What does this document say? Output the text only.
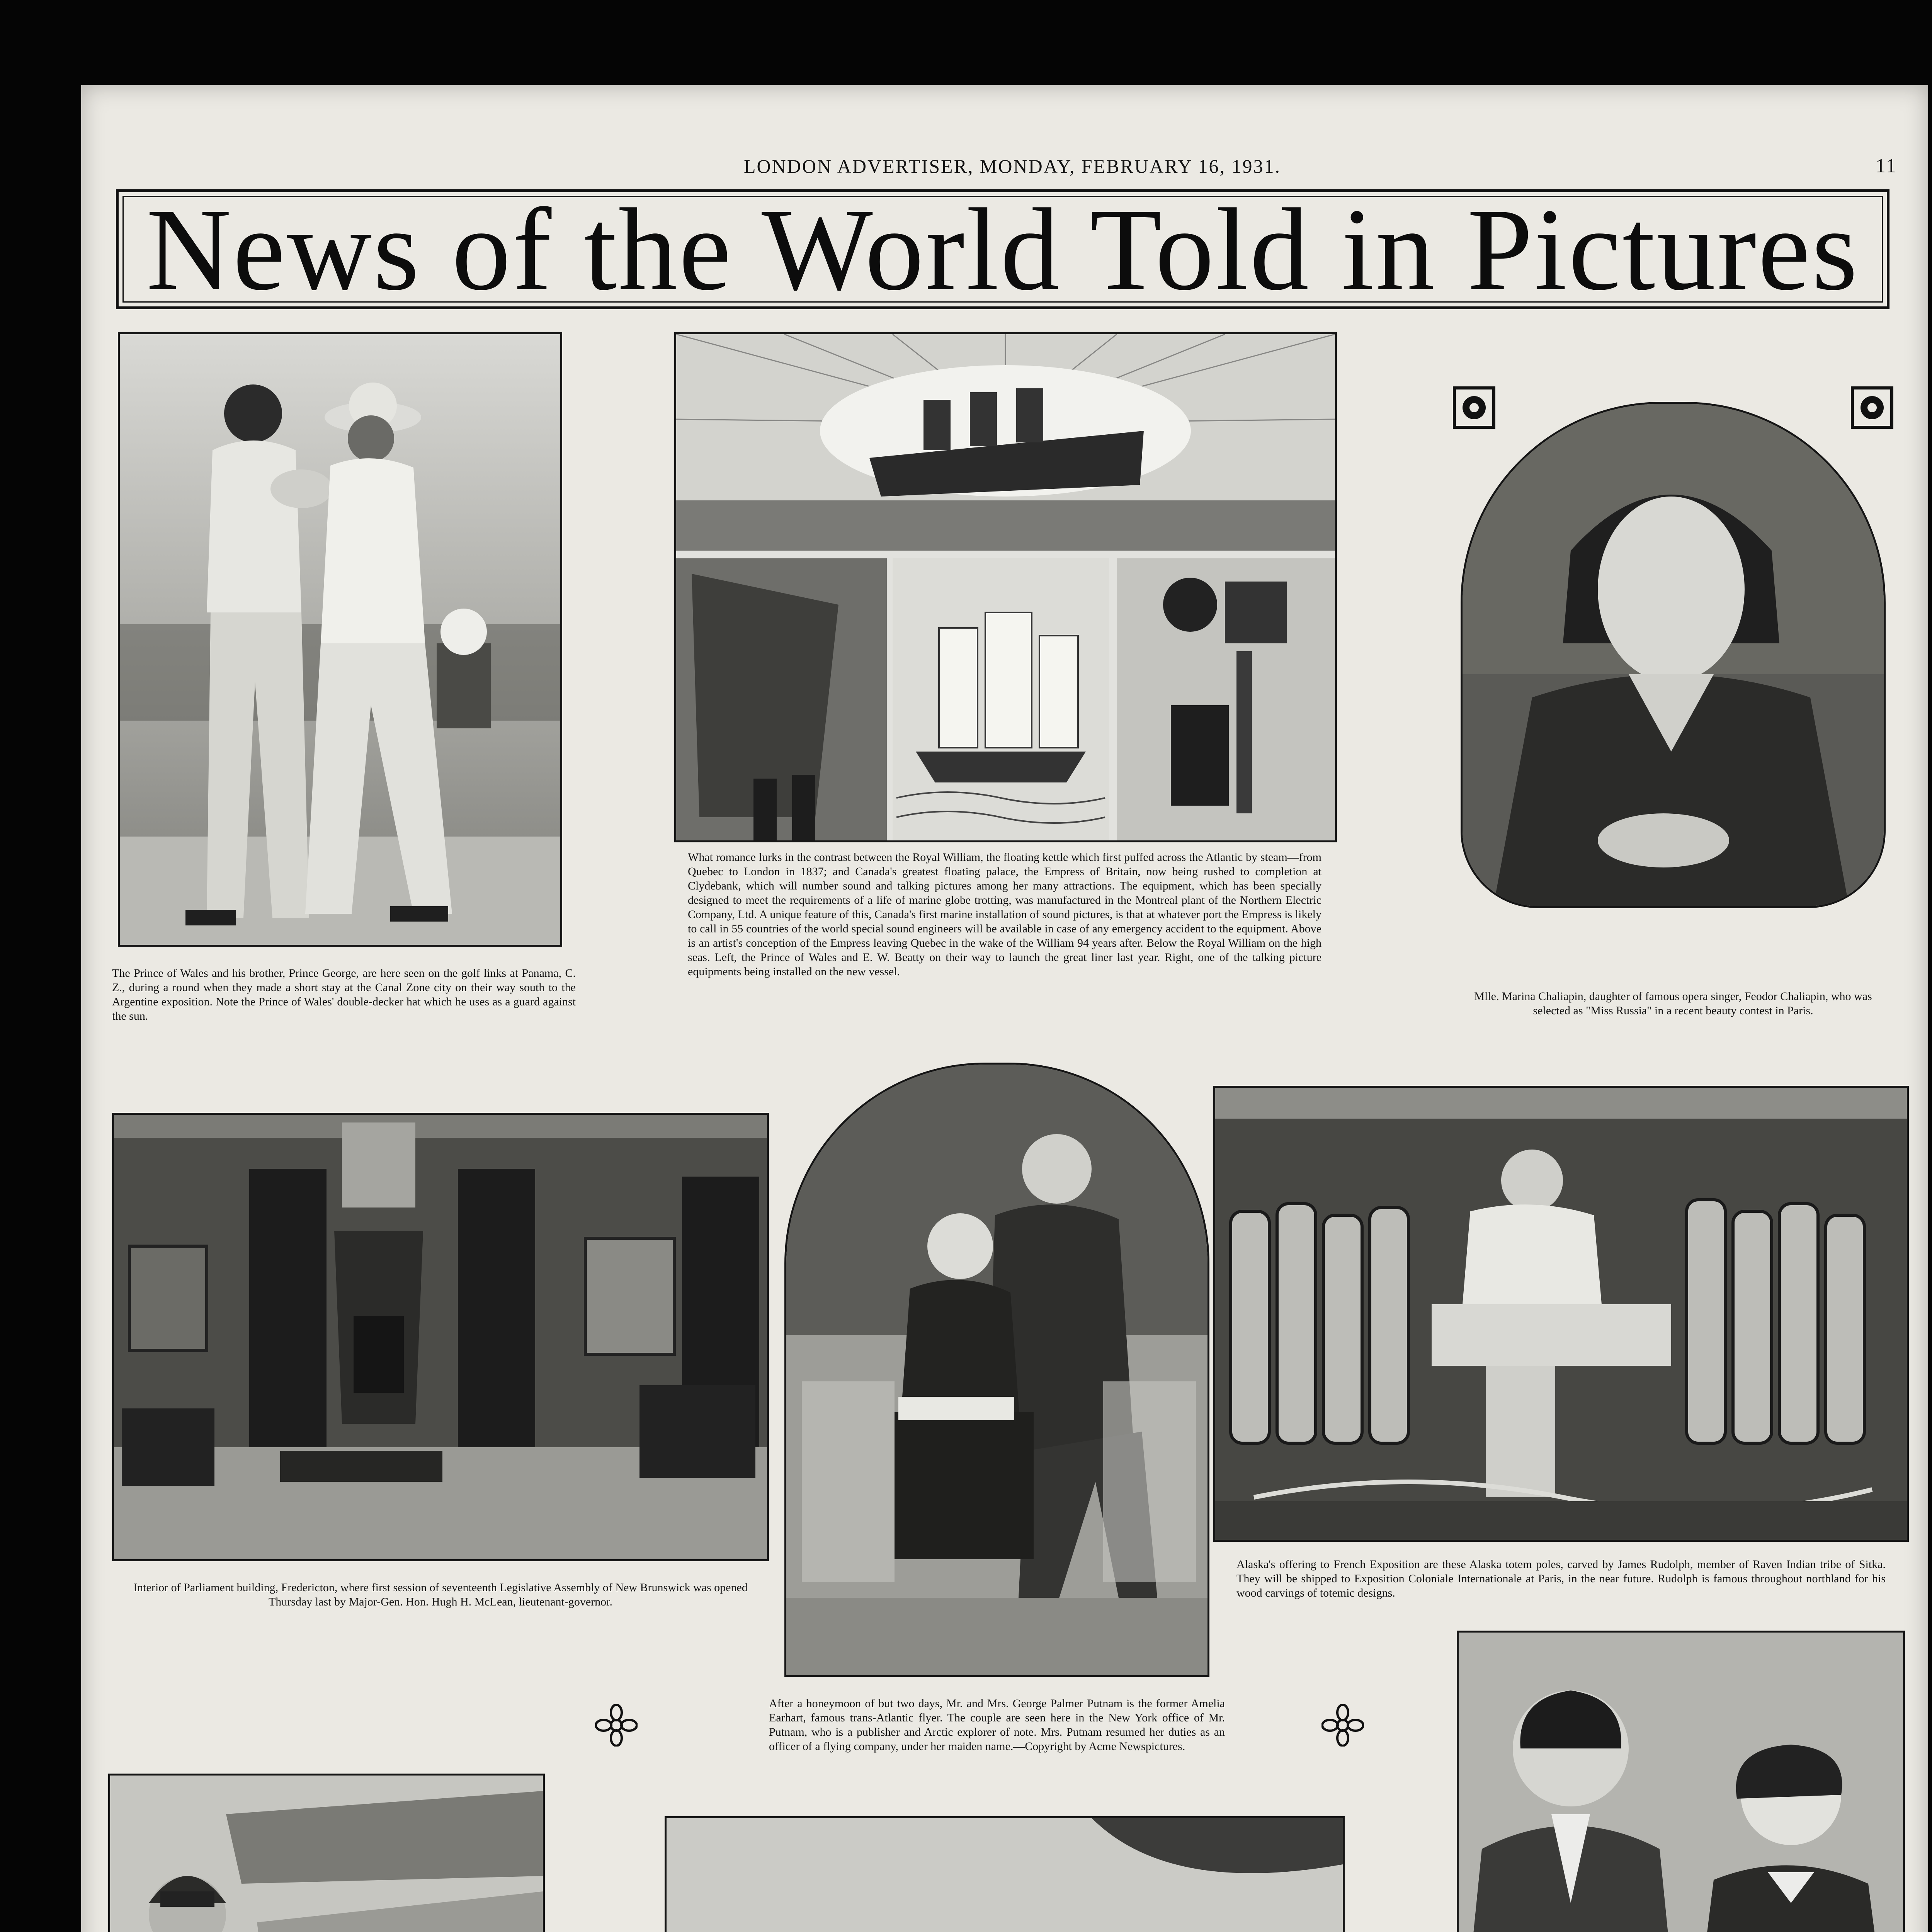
LONDON ADVERTISER, MONDAY, FEBRUARY 16, 1931.	11
News of the World Told in Pictures
The Prince of Wales and his brother, Prince George, are here seen on the golf links at Panama, C. Z., during a round when they made a short stay at the Canal Zone city on their way south to the Argentine exposition. Note the Prince of Wales' double-decker hat which he uses as a guard against the sun.
What romance lurks in the contrast between the Royal William, the floating kettle which first puffed across the Atlantic by steam—from Quebec to London in 1837; and Canada's greatest floating palace, the Empress of Britain, now being rushed to completion at Clydebank, which will number sound and talking pictures among her many attractions. The equipment, which has been specially designed to meet the requirements of a life of marine globe trotting, was manufactured in the Montreal plant of the Northern Electric Company, Ltd. A unique feature of this, Canada's first marine installation of sound pictures, is that at whatever port the Empress is likely to call in 55 countries of the world special sound engineers will be available in case of any emergency accident to the equipment. Above is an artist's conception of the Empress leaving Quebec in the wake of the William 94 years after. Below the Royal William on the high seas. Left, the Prince of Wales and E. W. Beatty on their way to launch the great liner last year. Right, one of the talking picture equipments being installed on the new vessel.
Mlle. Marina Chaliapin, daughter of famous opera singer, Feodor Chaliapin, who was selected as "Miss Russia" in a recent beauty contest in Paris.
Interior of Parliament building, Fredericton, where first session of seventeenth Legislative Assembly of New Brunswick was opened Thursday last by Major-Gen. Hon. Hugh H. McLean, lieutenant-governor.
After a honeymoon of but two days, Mr. and Mrs. George Palmer Putnam is the former Amelia Earhart, famous trans-Atlantic flyer. The couple are seen here in the New York office of Mr. Putnam, who is a publisher and Arctic explorer of note. Mrs. Putnam resumed her duties as an officer of a flying company, under her maiden name.—Copyright by Acme Newspictures.
Alaska's offering to French Exposition are these Alaska totem poles, carved by James Rudolph, member of Raven Indian tribe of Sitka. They will be shipped to Exposition Coloniale Internationale at Paris, in the near future. Rudolph is famous throughout northland for his wood carvings of totemic designs.
